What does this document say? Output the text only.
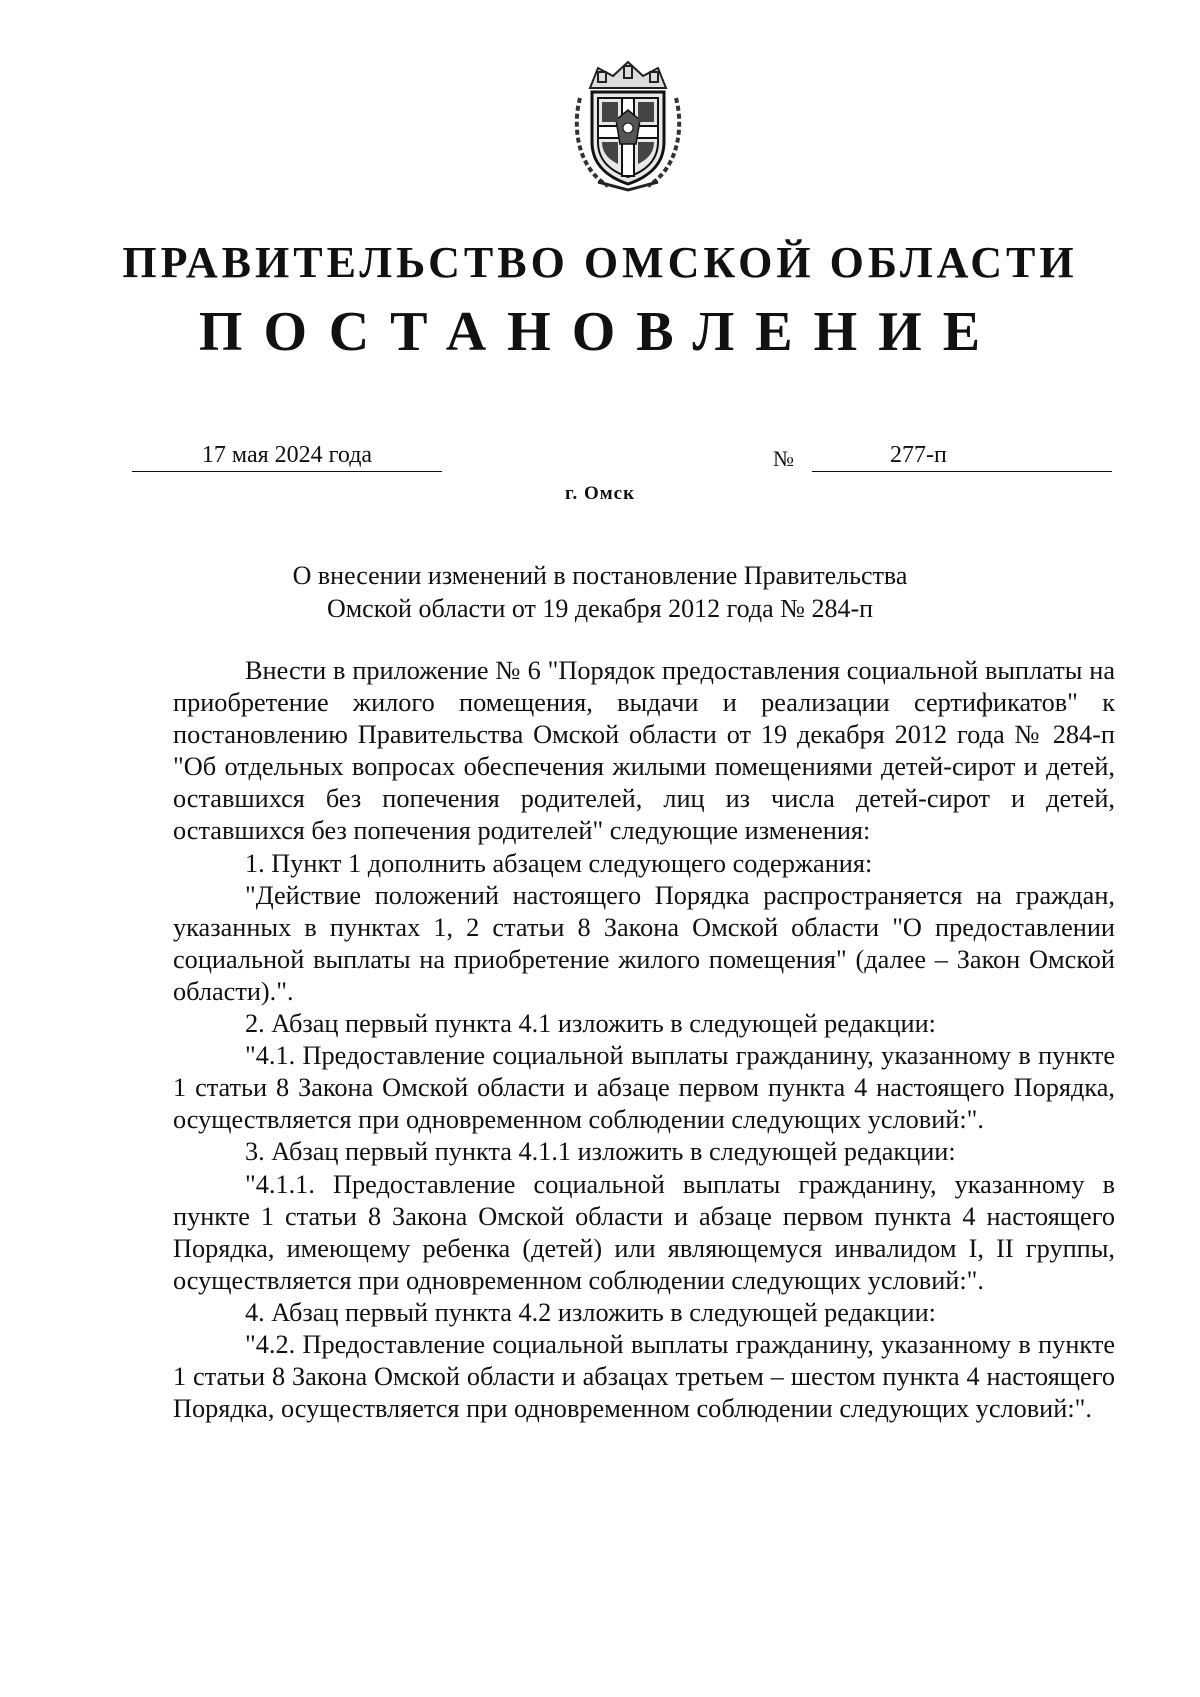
ПРАВИТЕЛЬСТВО ОМСКОЙ ОБЛАСТИ
ПОСТАНОВЛЕНИЕ
17 мая 2024 года	№	277-п
г. Омск
О внесении изменений в постановление Правительства
Омской области от 19 декабря 2012 года № 284-п

Внести в приложение № 6 "Порядок предоставления социальной выплаты на приобретение жилого помещения, выдачи и реализации сертификатов" к постановлению Правительства Омской области от 19 декабря 2012 года № 284-п "Об отдельных вопросах обеспечения жилыми помещениями детей-сирот и детей, оставшихся без попечения родителей, лиц из числа детей-сирот и детей, оставшихся без попечения родителей" следующие изменения:

1. Пункт 1 дополнить абзацем следующего содержания:

"Действие положений настоящего Порядка распространяется на граждан, указанных в пунктах 1, 2 статьи 8 Закона Омской области "О предоставлении социальной выплаты на приобретение жилого помещения" (далее – Закон Омской области).".

2. Абзац первый пункта 4.1 изложить в следующей редакции:

"4.1. Предоставление социальной выплаты гражданину, указанному в пункте 1 статьи 8 Закона Омской области и абзаце первом пункта 4 настоящего Порядка, осуществляется при одновременном соблюдении следующих условий:".

3. Абзац первый пункта 4.1.1 изложить в следующей редакции:

"4.1.1. Предоставление социальной выплаты гражданину, указанному в пункте 1 статьи 8 Закона Омской области и абзаце первом пункта 4 настоящего Порядка, имеющему ребенка (детей) или являющемуся инвалидом I, II группы, осуществляется при одновременном соблюдении следующих условий:".

4. Абзац первый пункта 4.2 изложить в следующей редакции:

"4.2. Предоставление социальной выплаты гражданину, указанному в пункте 1 статьи 8 Закона Омской области и абзацах третьем – шестом пункта 4 настоящего Порядка, осуществляется при одновременном соблюдении следующих условий:".
